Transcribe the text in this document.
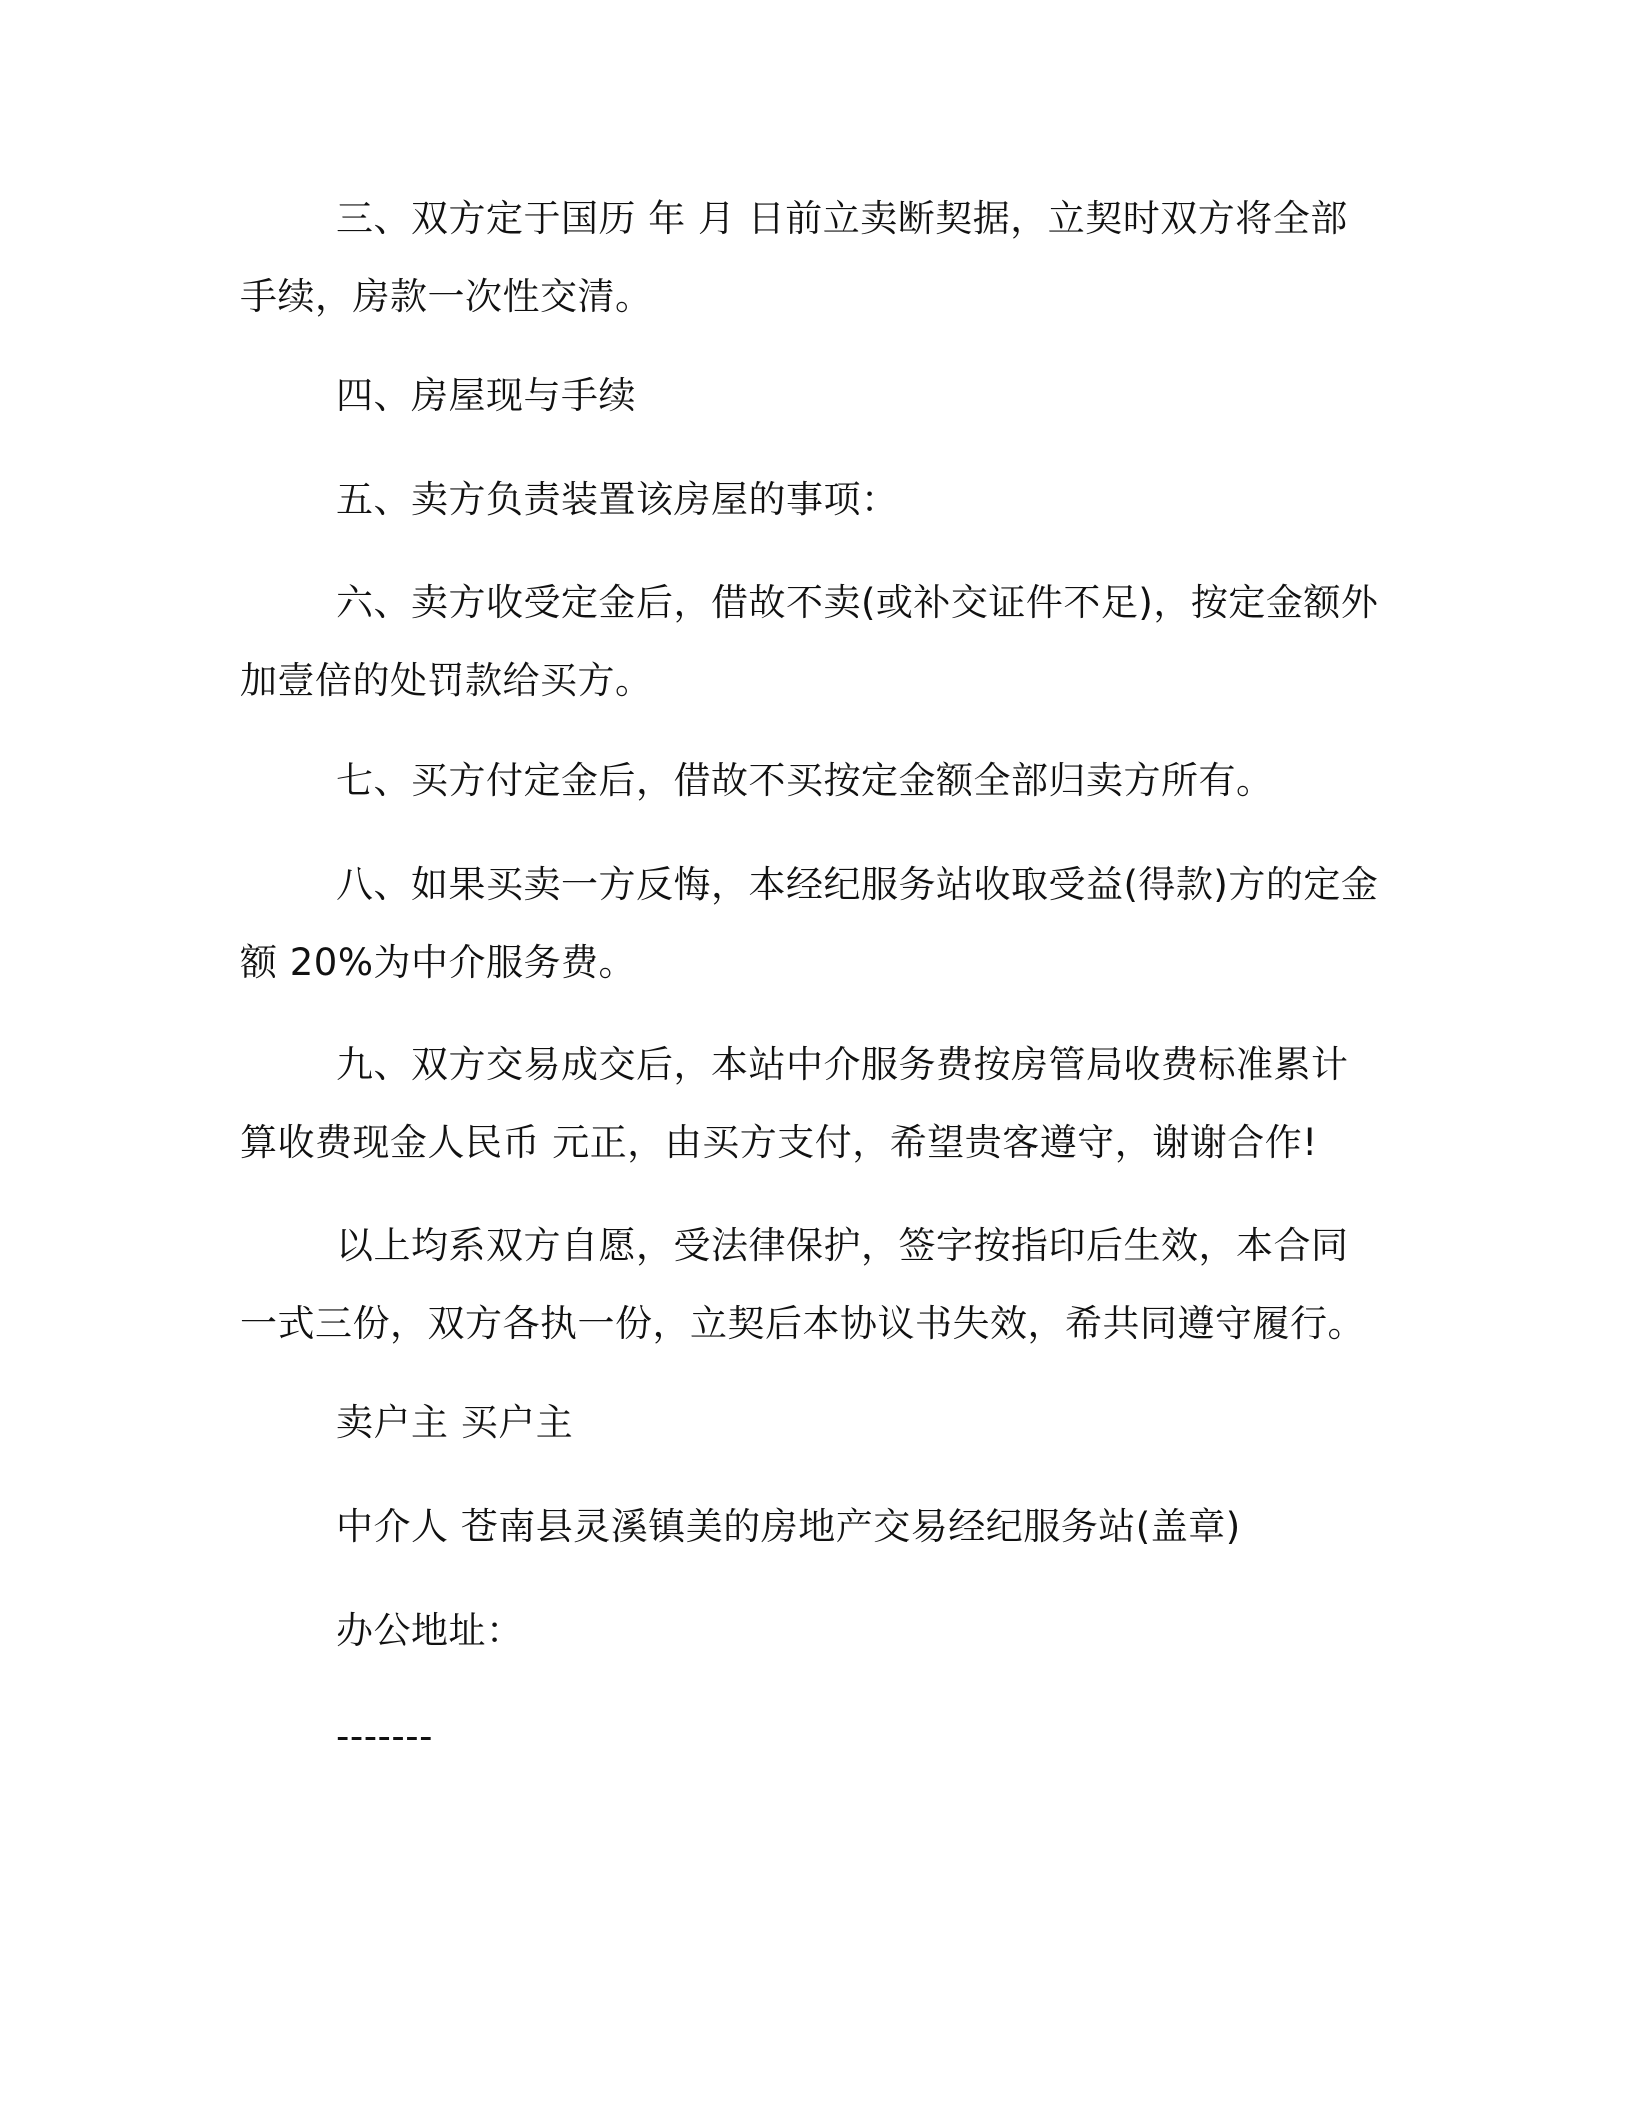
三、双方定于国历 年 月 日前立卖断契据，立契时双方将全部手续，房款一次性交清。

四、房屋现与手续

五、卖方负责装置该房屋的事项：

六、卖方收受定金后，借故不卖(或补交证件不足)，按定金额外加壹倍的处罚款给买方。

七、买方付定金后，借故不买按定金额全部归卖方所有。

八、如果买卖一方反悔，本经纪服务站收取受益(得款)方的定金额 20%为中介服务费。

九、双方交易成交后，本站中介服务费按房管局收费标准累计算收费现金人民币 元正，由买方支付，希望贵客遵守，谢谢合作!

以上均系双方自愿，受法律保护，签字按指印后生效，本合同一式三份，双方各执一份，立契后本协议书失效，希共同遵守履行。

卖户主 买户主

中介人 苍南县灵溪镇美的房地产交易经纪服务站(盖章)

办公地址：

-------
